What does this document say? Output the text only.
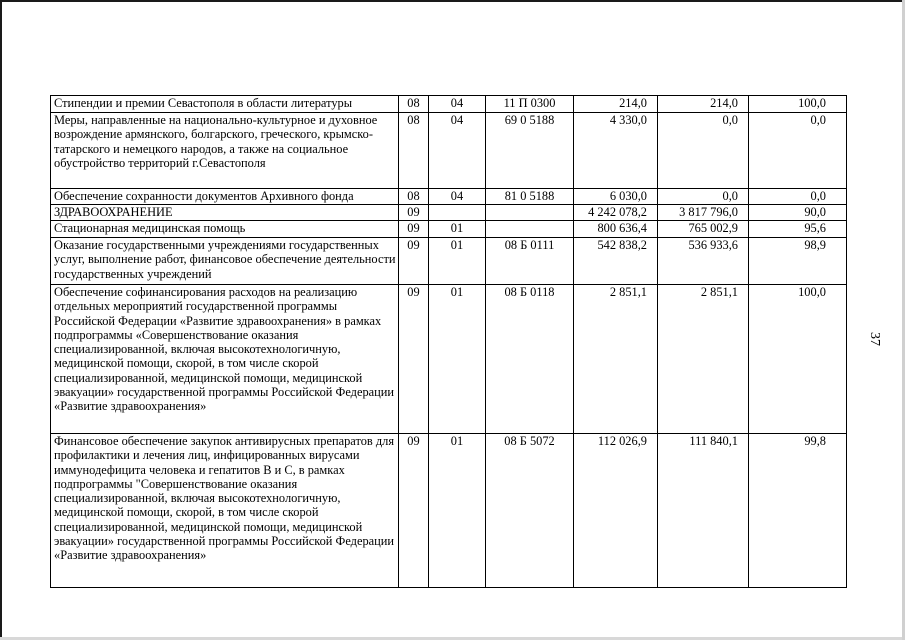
Стипендии и премии Севастополя в области литературы	08	04	11 П 0300	214,0	214,0	100,0
Меры, направленные на национально-культурное и духовное возрождение армянского, болгарского, греческого, крымско-татарского и немецкого народов, а также на социальное обустройство территорий г.Севастополя	08	04	69 0 5188	4 330,0	0,0	0,0
Обеспечение сохранности документов Архивного фонда	08	04	81 0 5188	6 030,0	0,0	0,0
ЗДРАВООХРАНЕНИЕ	09			4 242 078,2	3 817 796,0	90,0
Стационарная медицинская помощь	09	01		800 636,4	765 002,9	95,6
Оказание государственными учреждениями государственных услуг, выполнение работ, финансовое обеспечение деятельности государственных учреждений	09	01	08 Б 0111	542 838,2	536 933,6	98,9
Обеспечение софинансирования расходов на реализацию отдельных мероприятий государственной программы Российской Федерации «Развитие здравоохранения» в рамках подпрограммы «Совершенствование оказания специализированной, включая высокотехнологичную, медицинской помощи, скорой, в том числе скорой специализированной, медицинской помощи, медицинской эвакуации» государственной программы Российской Федерации «Развитие здравоохранения»	09	01	08 Б 0118	2 851,1	2 851,1	100,0
Финансовое обеспечение закупок антивирусных препаратов для профилактики и лечения лиц, инфицированных вирусами иммунодефицита человека и гепатитов В и С, в рамках подпрограммы "Совершенствование оказания специализированной, включая высокотехнологичную, медицинской помощи, скорой, в том числе скорой специализированной, медицинской помощи, медицинской эвакуации» государственной программы Российской Федерации «Развитие здравоохранения»	09	01	08 Б 5072	112 026,9	111 840,1	99,8
37
